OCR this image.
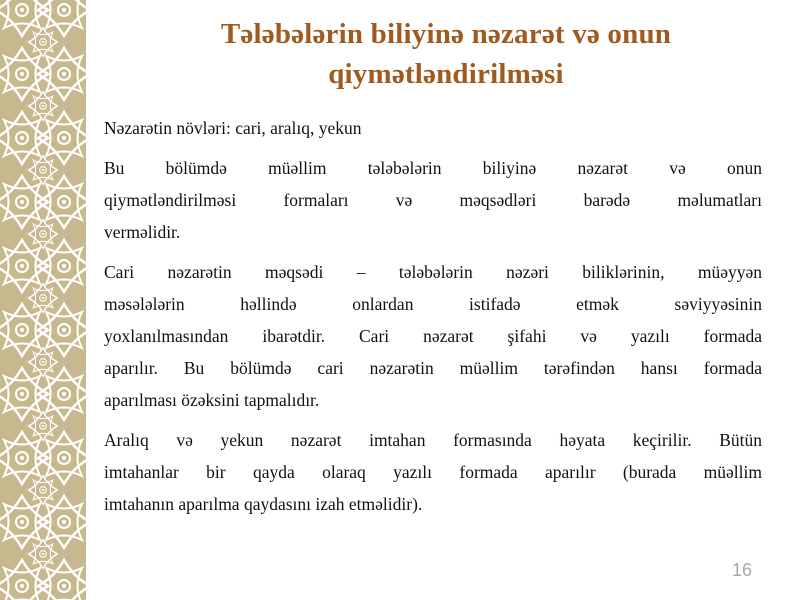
Tələbələrin biliyinə nəzarət və onun
qiymətləndirilməsi

Nəzarətin növləri: cari, aralıq, yekun

Bu bölümdə müəllim tələbələrin biliyinə nəzarət və onun

qiymətləndirilməsi formaları və məqsədləri barədə məlumatları

verməlidir.

Cari nəzarətin məqsədi – tələbələrin nəzəri biliklərinin, müəyyən

məsələlərin həllində onlardan istifadə etmək səviyyəsinin

yoxlanılmasından ibarətdir. Cari nəzarət şifahi və yazılı formada

aparılır. Bu bölümdə cari nəzarətin müəllim tərəfindən hansı formada

aparılması özəksini tapmalıdır.

Aralıq və yekun nəzarət imtahan formasında həyata keçirilir. Bütün

imtahanlar bir qayda olaraq yazılı formada aparılır (burada müəllim

imtahanın aparılma qaydasını izah etməlidir).

16
